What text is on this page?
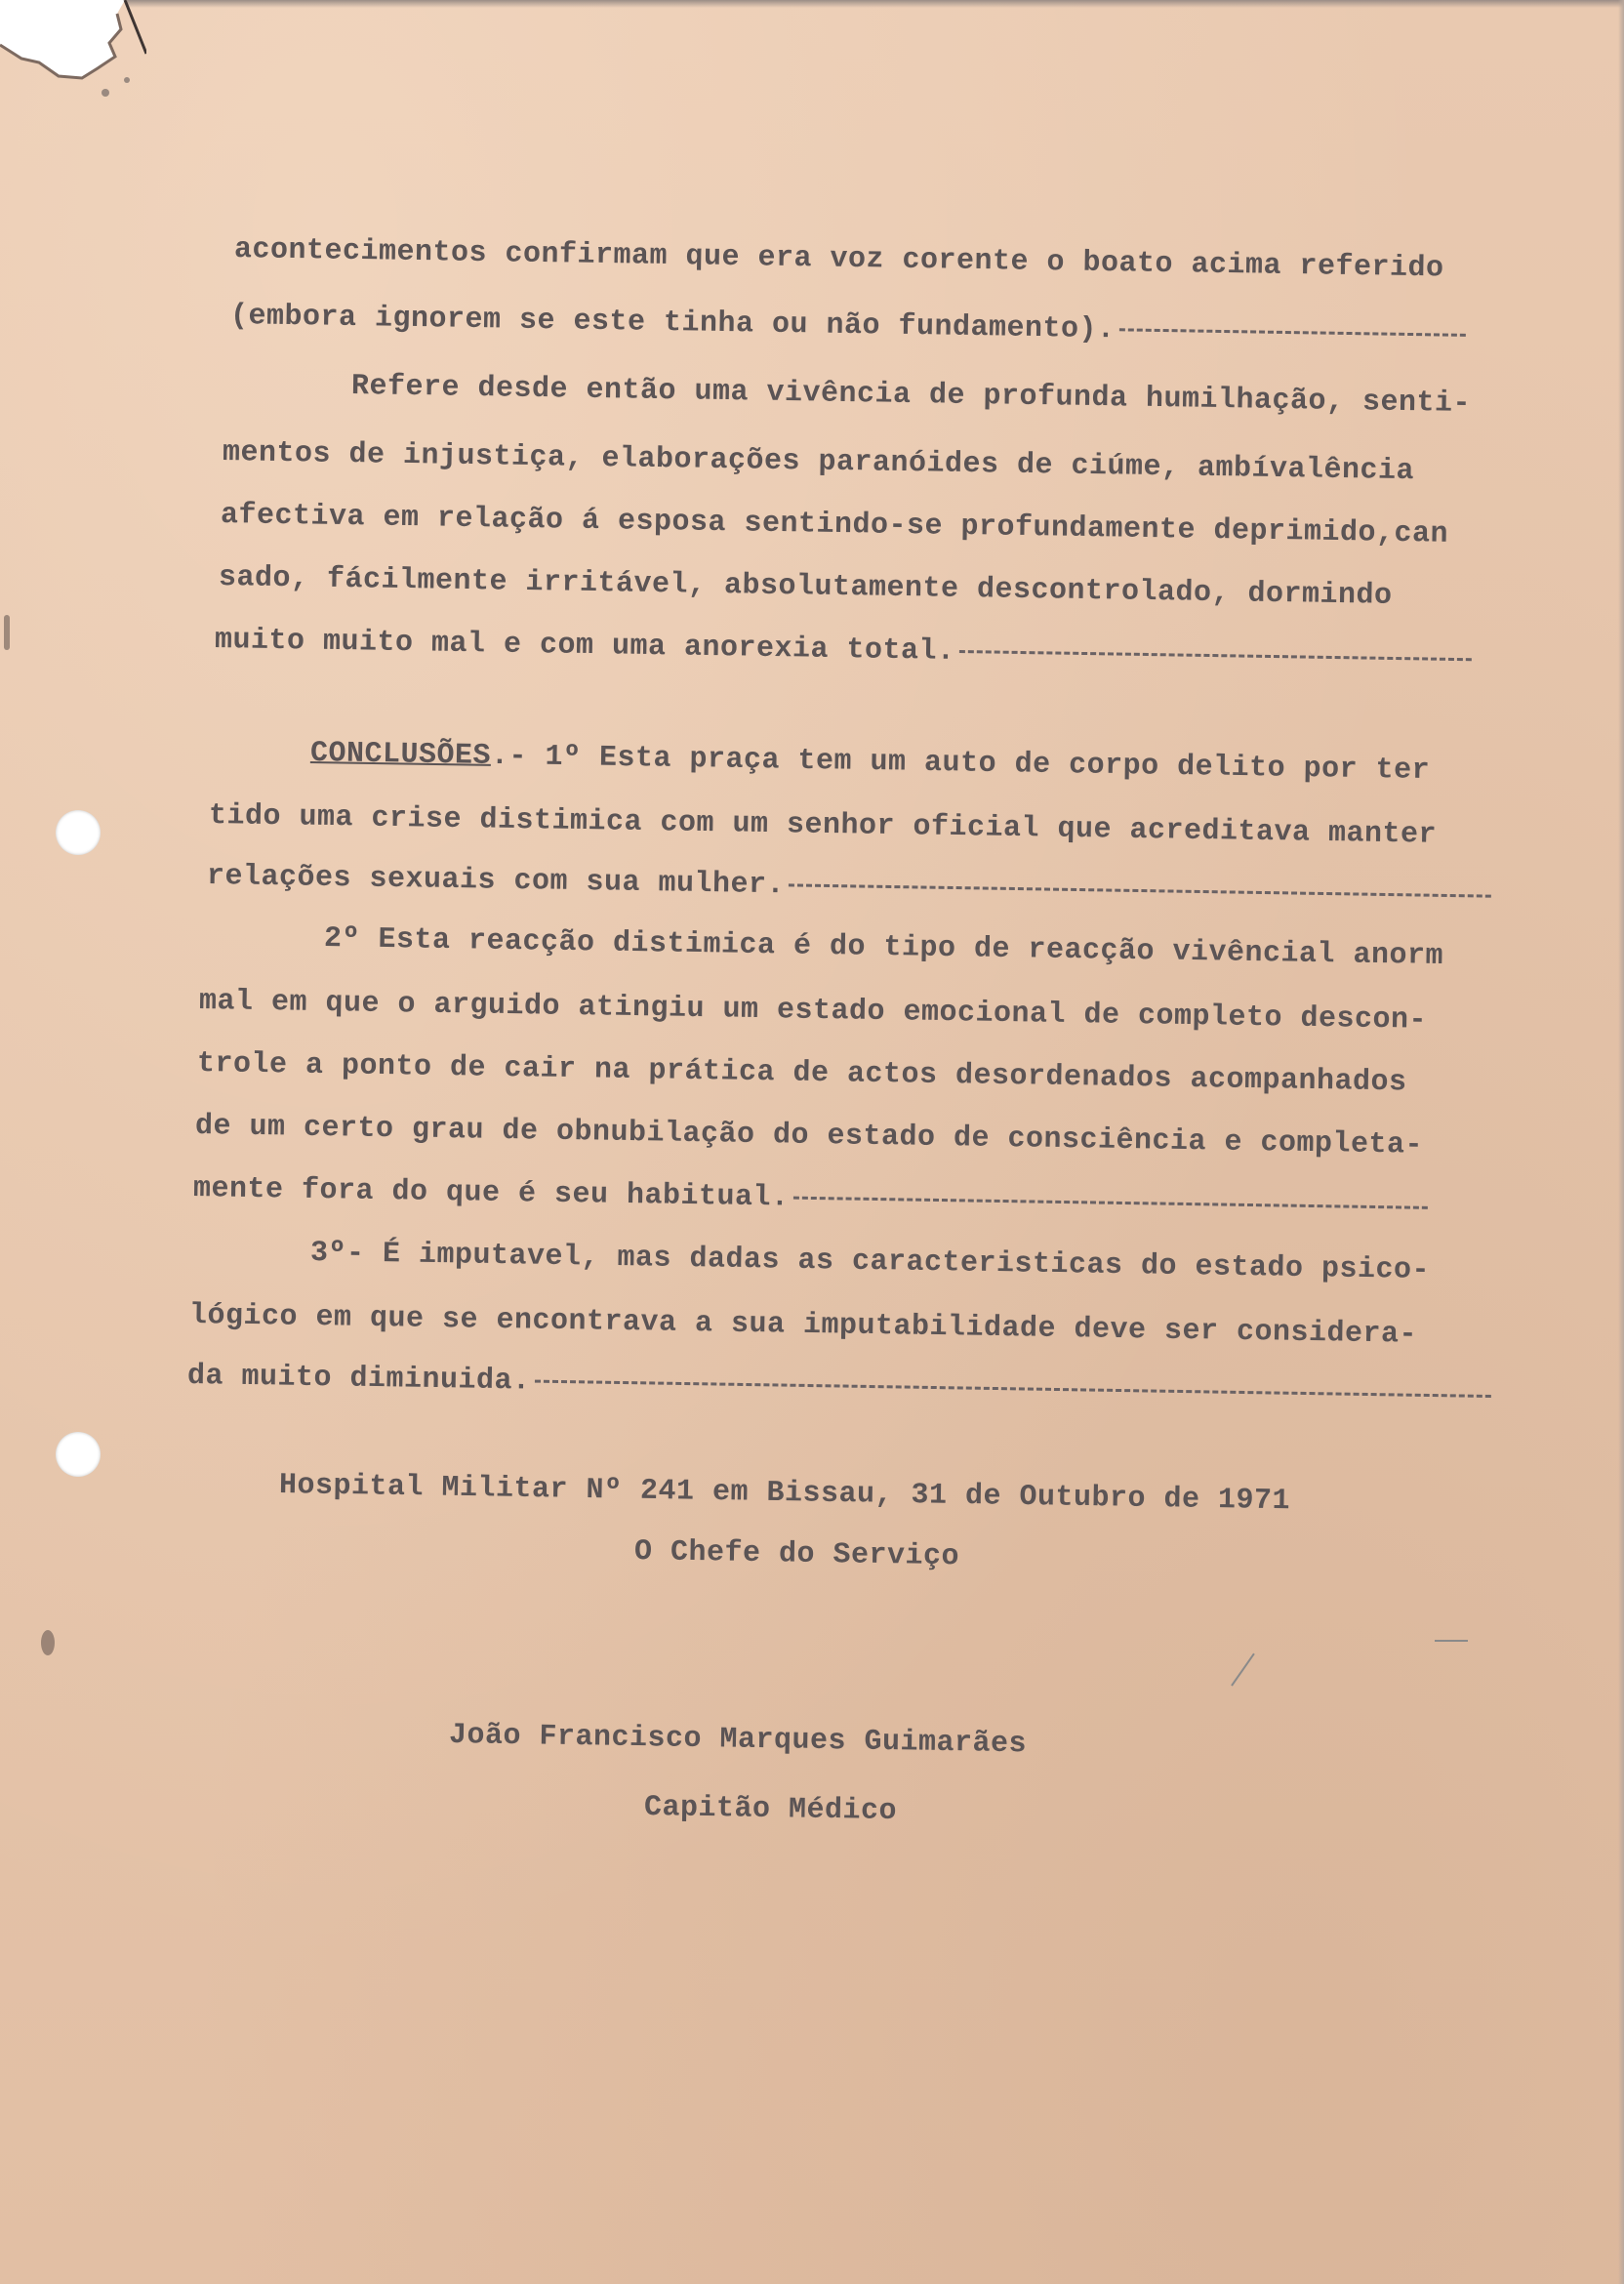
acontecimentos confirmam que era voz corente o boato acima referido
(embora ignorem se este tinha ou não fundamento).
Refere desde então uma vivência de profunda humilhação, senti-
mentos de injustiça, elaborações paranóides de ciúme, ambívalência
afectiva em relação á esposa sentindo-se profundamente deprimido,can
sado, fácilmente irritável, absolutamente descontrolado, dormindo
muito muito mal e com uma anorexia total.
CONCLUSÕES.- 1º Esta praça tem um auto de corpo delito por ter
tido uma crise distimica com um senhor oficial que acreditava manter
relações sexuais com sua mulher.
2º Esta reacção distimica é do tipo de reacção vivêncial anorm
mal em que o arguido atingiu um estado emocional de completo descon-
trole a ponto de cair na prática de actos desordenados acompanhados
de um certo grau de obnubilação do estado de consciência e completa-
mente fora do que é seu habitual.
3º- É imputavel, mas dadas as caracteristicas do estado psico-
lógico em que se encontrava a sua imputabilidade deve ser considera-
da muito diminuida.
Hospital Militar Nº 241 em Bissau, 31 de Outubro de 1971
O Chefe do Serviço
João Francisco Marques Guimarães
Capitão Médico
